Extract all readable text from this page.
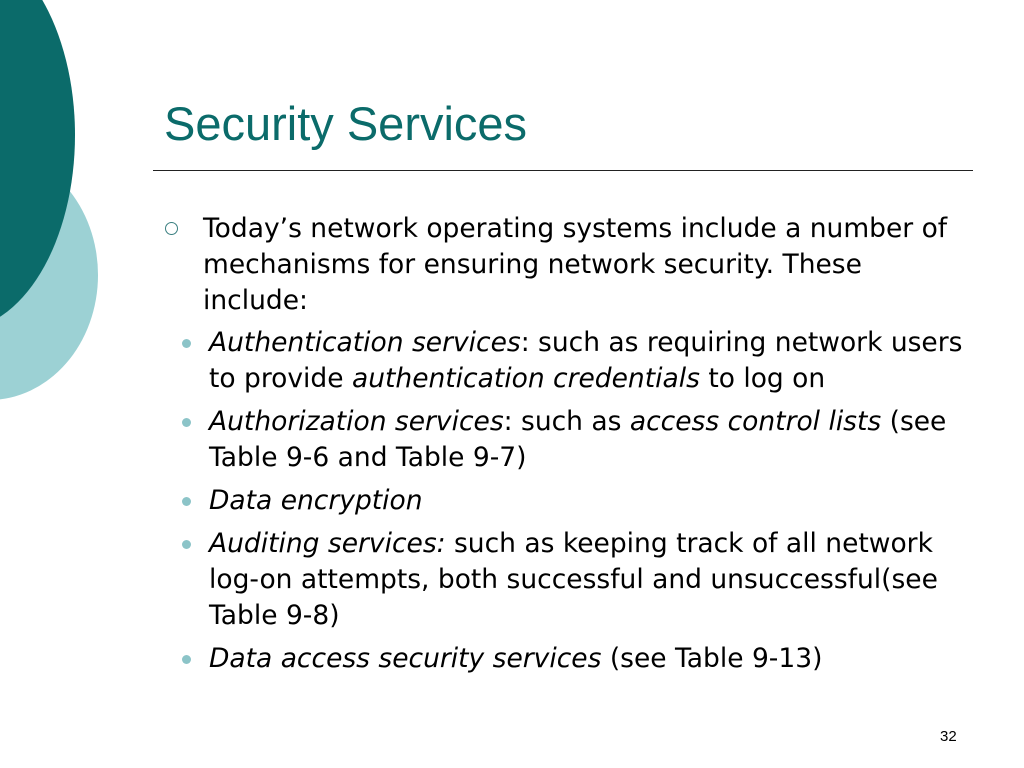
Security Services
Today’s network operating systems include a number of mechanisms for ensuring network security. These include:
Authentication services: such as requiring network users to provide authentication credentials to log on
Authorization services: such as access control lists (see Table 9-6 and Table 9-7)
Data encryption
Auditing services: such as keeping track of all network log-on attempts, both successful and unsuccessful(see Table 9-8)
Data access security services (see Table 9-13)
32
